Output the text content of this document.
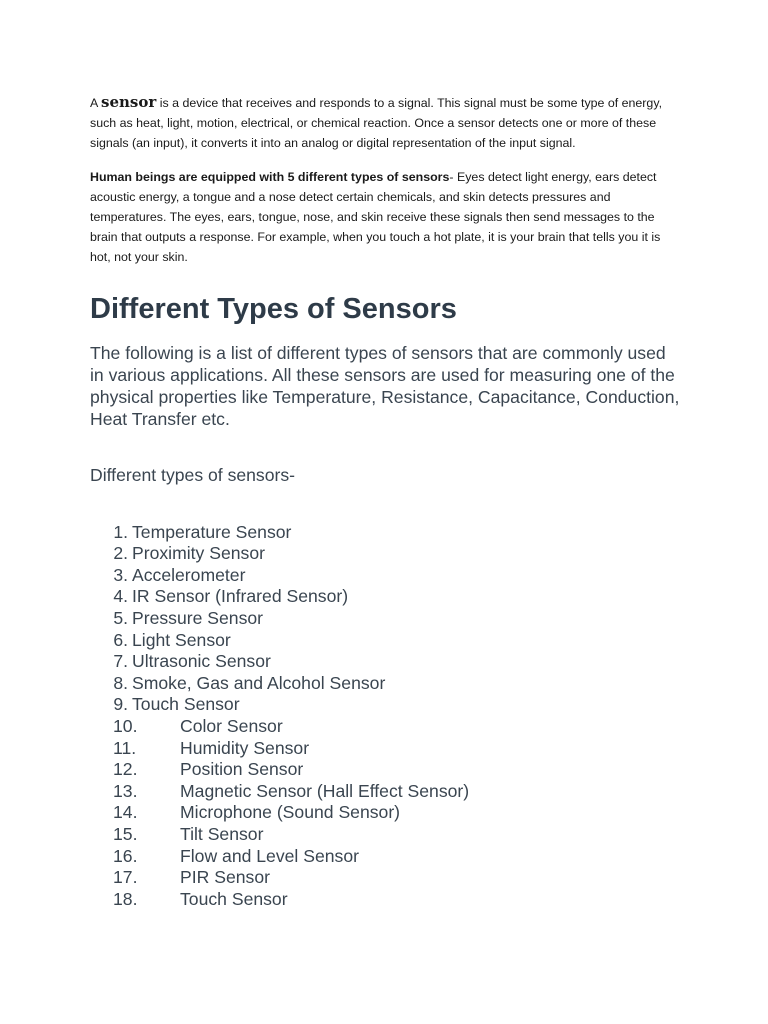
A sensor is a device that receives and responds to a signal. This signal must be some type of energy, such as heat, light, motion, electrical, or chemical reaction. Once a sensor detects one or more of these signals (an input), it converts it into an analog or digital representation of the input signal.

Human beings are equipped with 5 different types of sensors- Eyes detect light energy, ears detect acoustic energy, a tongue and a nose detect certain chemicals, and skin detects pressures and temperatures. The eyes, ears, tongue, nose, and skin receive these signals then send messages to the brain that outputs a response. For example, when you touch a hot plate, it is your brain that tells you it is hot, not your skin.

Different Types of Sensors

The following is a list of different types of sensors that are commonly used in various applications. All these sensors are used for measuring one of the physical properties like Temperature, Resistance, Capacitance, Conduction, Heat Transfer etc.

Different types of sensors-

1. Temperature Sensor
2. Proximity Sensor
3. Accelerometer
4. IR Sensor (Infrared Sensor)
5. Pressure Sensor
6. Light Sensor
7. Ultrasonic Sensor
8. Smoke, Gas and Alcohol Sensor
9. Touch Sensor
10.	Color Sensor
11.	Humidity Sensor
12.	Position Sensor
13.	Magnetic Sensor (Hall Effect Sensor)
14.	Microphone (Sound Sensor)
15.	Tilt Sensor
16.	Flow and Level Sensor
17.	PIR Sensor
18.	Touch Sensor
